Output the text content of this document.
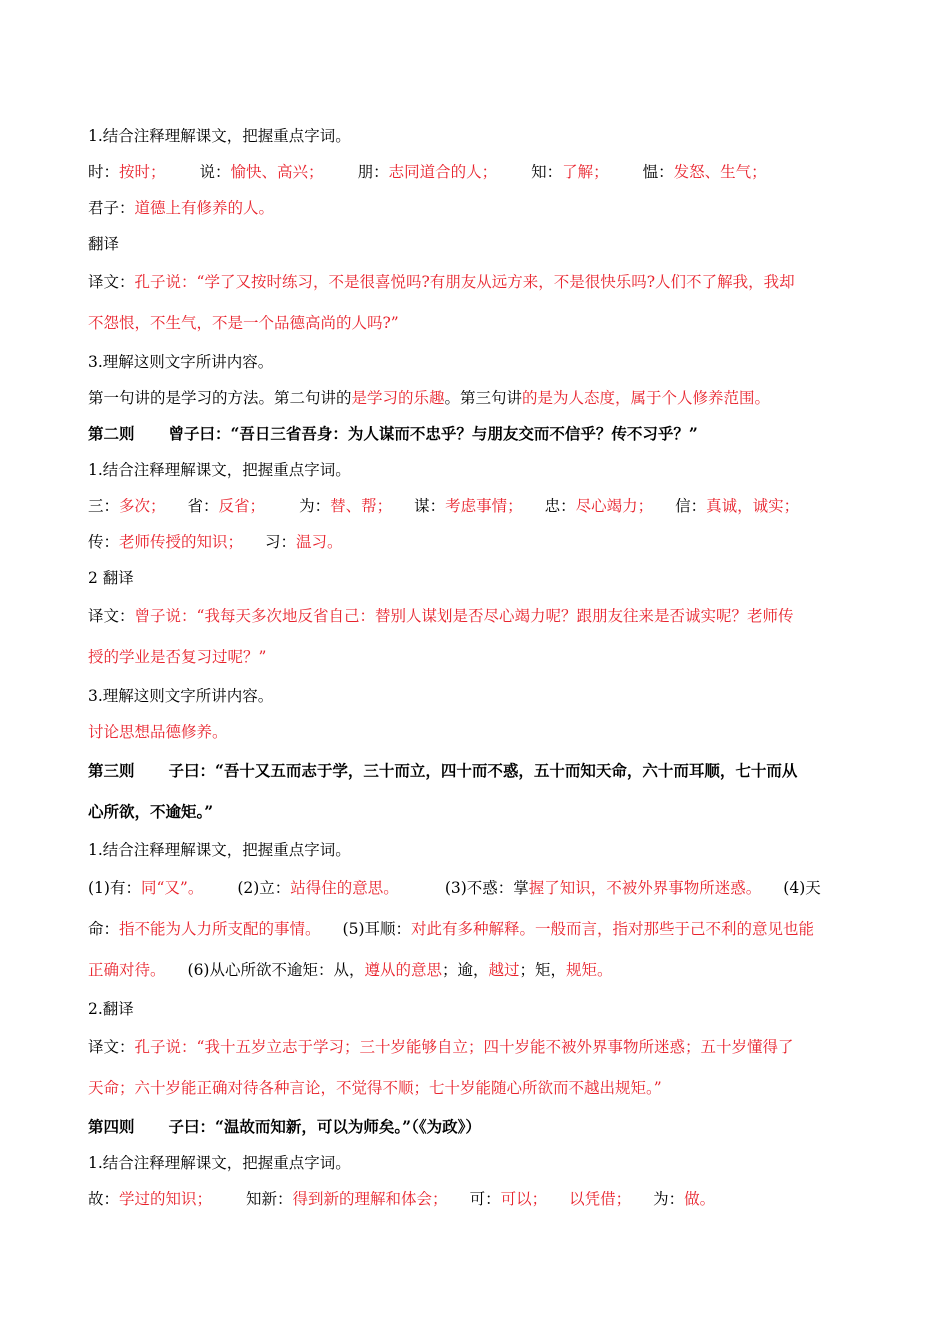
1.结合注释理解课文，把握重点字词。
时：按时； 说：愉快、高兴； 朋：志同道合的人； 知：了解； 愠：发怒、生气；
君子：道德上有修养的人。
翻译
译文：孔子说：“学了又按时练习，不是很喜悦吗?有朋友从远方来，不是很快乐吗?人们不了解我，我却
不怨恨，不生气，不是一个品德高尚的人吗?”
3.理解这则文字所讲内容。
第一句讲的是学习的方法。第二句讲的是学习的乐趣。第三句讲的是为人态度，属于个人修养范围。
第二则 曾子曰：“吾日三省吾身：为人谋而不忠乎？与朋友交而不信乎？传不习乎？”
1.结合注释理解课文，把握重点字词。
三：多次； 省：反省； 为：替、帮； 谋：考虑事情； 忠：尽心竭力； 信：真诚，诚实；
传：老师传授的知识； 习：温习。
2 翻译
译文：曾子说：“我每天多次地反省自己：替别人谋划是否尽心竭力呢？跟朋友往来是否诚实呢？老师传
授的学业是否复习过呢？”
3.理解这则文字所讲内容。
讨论思想品德修养。
第三则 子曰：“吾十又五而志于学，三十而立，四十而不惑，五十而知天命，六十而耳顺，七十而从
心所欲，不逾矩。”
1.结合注释理解课文，把握重点字词。
(1)有：同“又”。 (2)立：站得住的意思。	(3)不惑：掌握了知识，不被外界事物所迷惑。 (4)天
命：指不能为人力所支配的事情。 (5)耳顺：对此有多种解释。一般而言，指对那些于己不利的意见也能
正确对待。 (6)从心所欲不逾矩：从，遵从的意思；逾，越过；矩，规矩。
2.翻译
译文：孔子说：“我十五岁立志于学习；三十岁能够自立；四十岁能不被外界事物所迷惑；五十岁懂得了
天命；六十岁能正确对待各种言论，不觉得不顺；七十岁能随心所欲而不越出规矩。”
第四则 子曰：“温故而知新，可以为师矣。”（《为政》）
1.结合注释理解课文，把握重点字词。
故：学过的知识； 知新：得到新的理解和体会； 可：可以； 以凭借； 为：做。
